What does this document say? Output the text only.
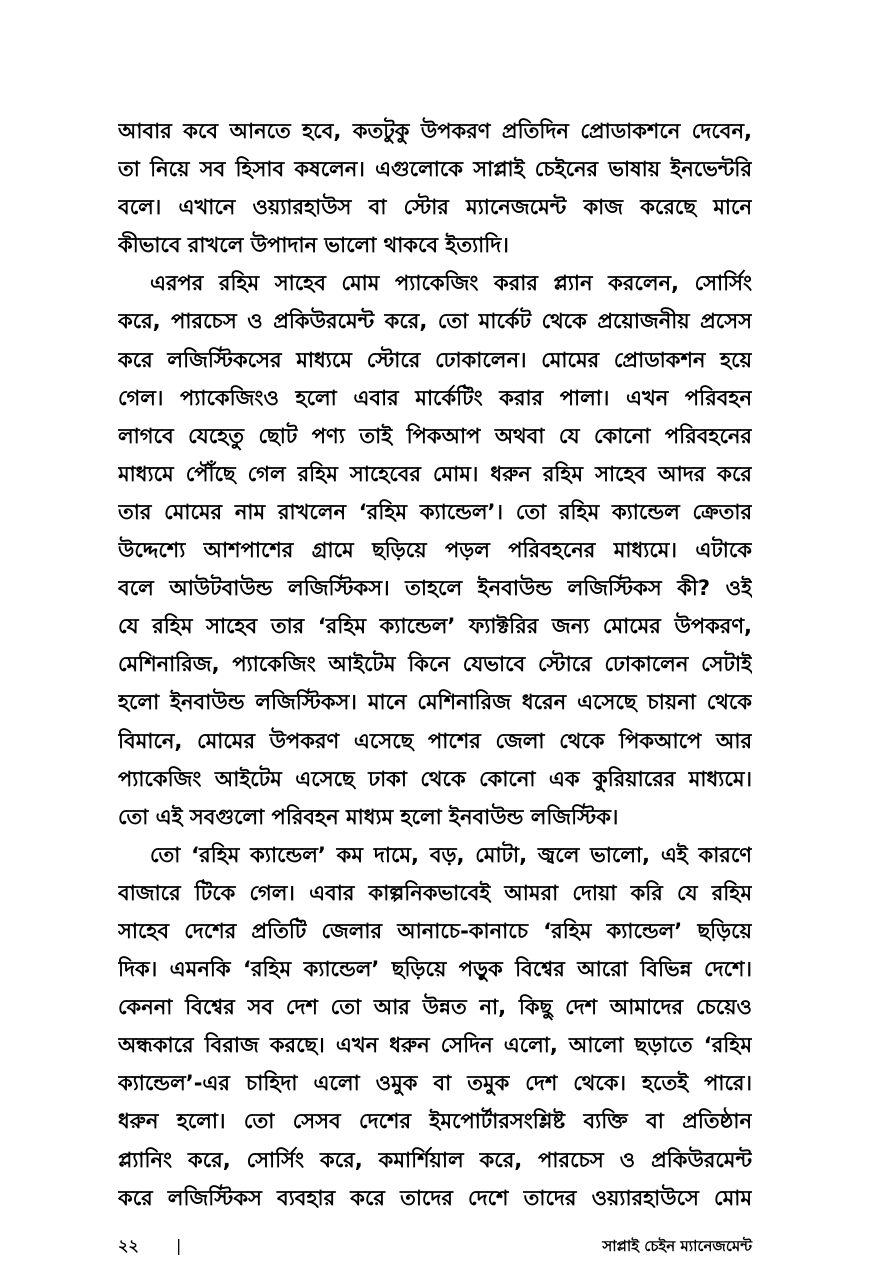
আবার কবে আনতে হবে, কতটুকু উপকরণ প্রতিদিন প্রোডাকশনে দেবেন,
তা নিয়ে সব হিসাব কষলেন। এগুলোকে সাপ্লাই চেইনের ভাষায় ইনভেন্টরি
বলে। এখানে ওয়্যারহাউস বা স্টোর ম্যানেজমেন্ট কাজ করেছে মানে
কীভাবে রাখলে উপাদান ভালো থাকবে ইত্যাদি।
এরপর রহিম সাহেব মোম প্যাকেজিং করার প্ল্যান করলেন, সোর্সিং
করে, পারচেস ও প্রকিউরমেন্ট করে, তো মার্কেট থেকে প্রয়োজনীয় প্রসেস
করে লজিস্টিকসের মাধ্যমে স্টোরে ঢোকালেন। মোমের প্রোডাকশন হয়ে
গেল। প্যাকেজিংও হলো এবার মার্কেটিং করার পালা। এখন পরিবহন
লাগবে যেহেতু ছোট পণ্য তাই পিকআপ অথবা যে কোনো পরিবহনের
মাধ্যমে পৌঁছে গেল রহিম সাহেবের মোম। ধরুন রহিম সাহেব আদর করে
তার মোমের নাম রাখলেন ‘রহিম ক্যান্ডেল’। তো রহিম ক্যান্ডেল ক্রেতার
উদ্দেশ্যে আশপাশের গ্রামে ছড়িয়ে পড়ল পরিবহনের মাধ্যমে। এটাকে
বলে আউটবাউন্ড লজিস্টিকস। তাহলে ইনবাউন্ড লজিস্টিকস কী? ওই
যে রহিম সাহেব তার ‘রহিম ক্যান্ডেল’ ফ্যাক্টরির জন্য মোমের উপকরণ,
মেশিনারিজ, প্যাকেজিং আইটেম কিনে যেভাবে স্টোরে ঢোকালেন সেটাই
হলো ইনবাউন্ড লজিস্টিকস। মানে মেশিনারিজ ধরেন এসেছে চায়না থেকে
বিমানে, মোমের উপকরণ এসেছে পাশের জেলা থেকে পিকআপে আর
প্যাকেজিং আইটেম এসেছে ঢাকা থেকে কোনো এক কুরিয়ারের মাধ্যমে।
তো এই সবগুলো পরিবহন মাধ্যম হলো ইনবাউন্ড লজিস্টিক।
তো ‘রহিম ক্যান্ডেল’ কম দামে, বড়, মোটা, জ্বলে ভালো, এই কারণে
বাজারে টিকে গেল। এবার কাল্পনিকভাবেই আমরা দোয়া করি যে রহিম
সাহেব দেশের প্রতিটি জেলার আনাচে-কানাচে ‘রহিম ক্যান্ডেল’ ছড়িয়ে
দিক। এমনকি ‘রহিম ক্যান্ডেল’ ছড়িয়ে পড়ুক বিশ্বের আরো বিভিন্ন দেশে।
কেননা বিশ্বের সব দেশ তো আর উন্নত না, কিছু দেশ আমাদের চেয়েও
অন্ধকারে বিরাজ করছে। এখন ধরুন সেদিন এলো, আলো ছড়াতে ‘রহিম
ক্যান্ডেল’-এর চাহিদা এলো ওমুক বা তমুক দেশ থেকে। হতেই পারে।
ধরুন হলো। তো সেসব দেশের ইমপোর্টারসংশ্লিষ্ট ব্যক্তি বা প্রতিষ্ঠান
প্ল্যানিং করে, সোর্সিং করে, কমার্শিয়াল করে, পারচেস ও প্রকিউরমেন্ট
করে লজিস্টিকস ব্যবহার করে তাদের দেশে তাদের ওয়্যারহাউসে মোম
২২ |	সাপ্লাই চেইন ম্যানেজমেন্ট
